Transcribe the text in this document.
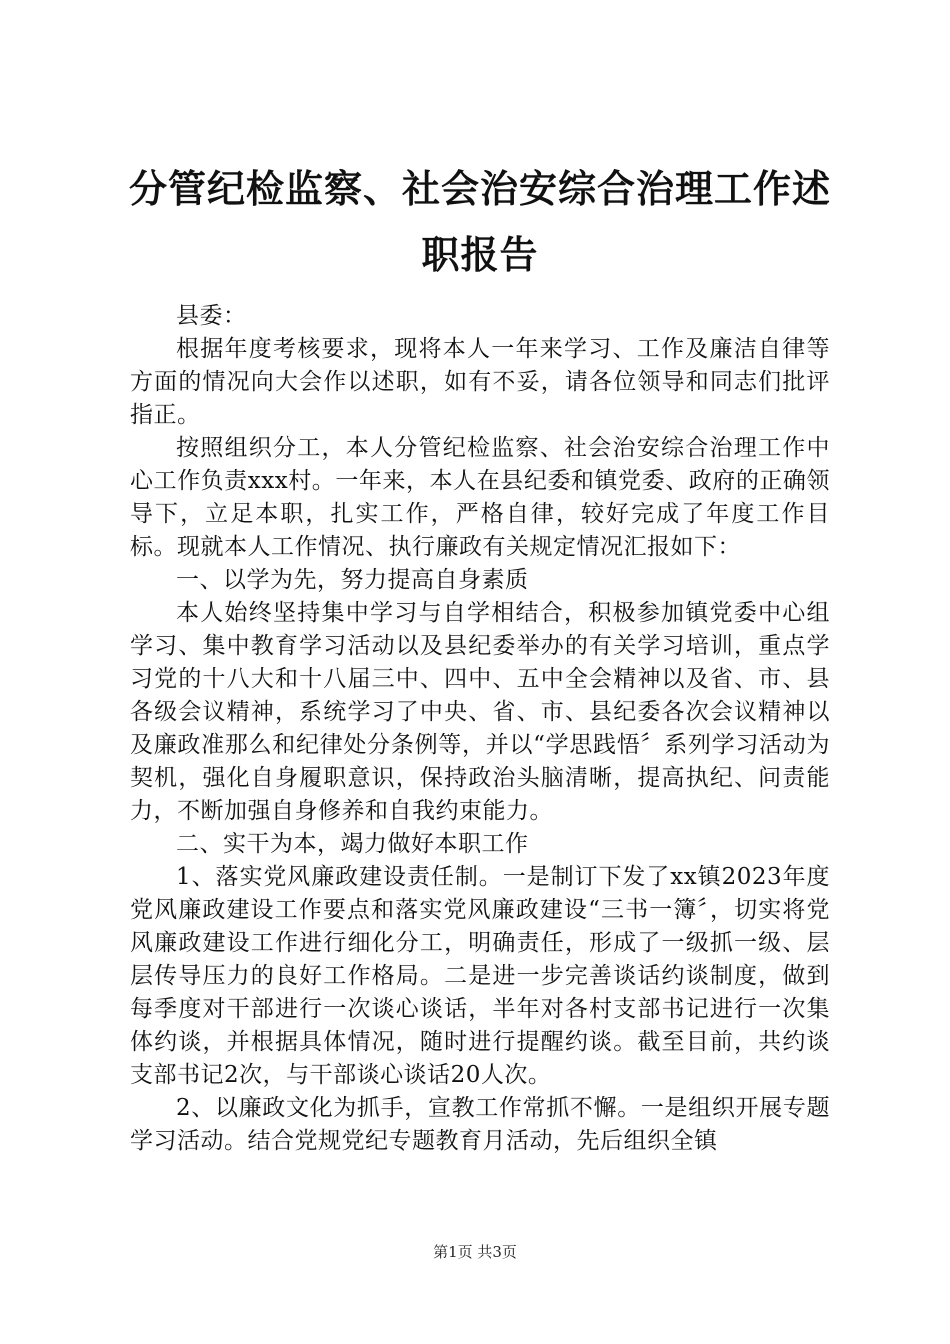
分管纪检监察、社会治安综合治理工作述职报告

县委：

根据年度考核要求，现将本人一年来学习、工作及廉洁自律等方面的情况向大会作以述职，如有不妥，请各位领导和同志们批评指正。

按照组织分工，本人分管纪检监察、社会治安综合治理工作中心工作负责xxx村。一年来，本人在县纪委和镇党委、政府的正确领导下，立足本职，扎实工作，严格自律，较好完成了年度工作目标。现就本人工作情况、执行廉政有关规定情况汇报如下：

一、以学为先，努力提高自身素质

本人始终坚持集中学习与自学相结合，积极参加镇党委中心组学习、集中教育学习活动以及县纪委举办的有关学习培训，重点学习党的十八大和十八届三中、四中、五中全会精神以及省、市、县各级会议精神，系统学习了中央、省、市、县纪委各次会议精神以及廉政准那么和纪律处分条例等，并以“学思践悟〞系列学习活动为契机，强化自身履职意识，保持政治头脑清晰，提高执纪、问责能力，不断加强自身修养和自我约束能力。

二、实干为本，竭力做好本职工作

1、落实党风廉政建设责任制。一是制订下发了xx镇2023年度党风廉政建设工作要点和落实党风廉政建设“三书一簿〞，切实将党风廉政建设工作进行细化分工，明确责任，形成了一级抓一级、层层传导压力的良好工作格局。二是进一步完善谈话约谈制度，做到每季度对干部进行一次谈心谈话，半年对各村支部书记进行一次集体约谈，并根据具体情况，随时进行提醒约谈。截至目前，共约谈支部书记2次，与干部谈心谈话20人次。

2、以廉政文化为抓手，宣教工作常抓不懈。一是组织开展专题学习活动。结合党规党纪专题教育月活动，先后组织全镇

第1页 共3页
